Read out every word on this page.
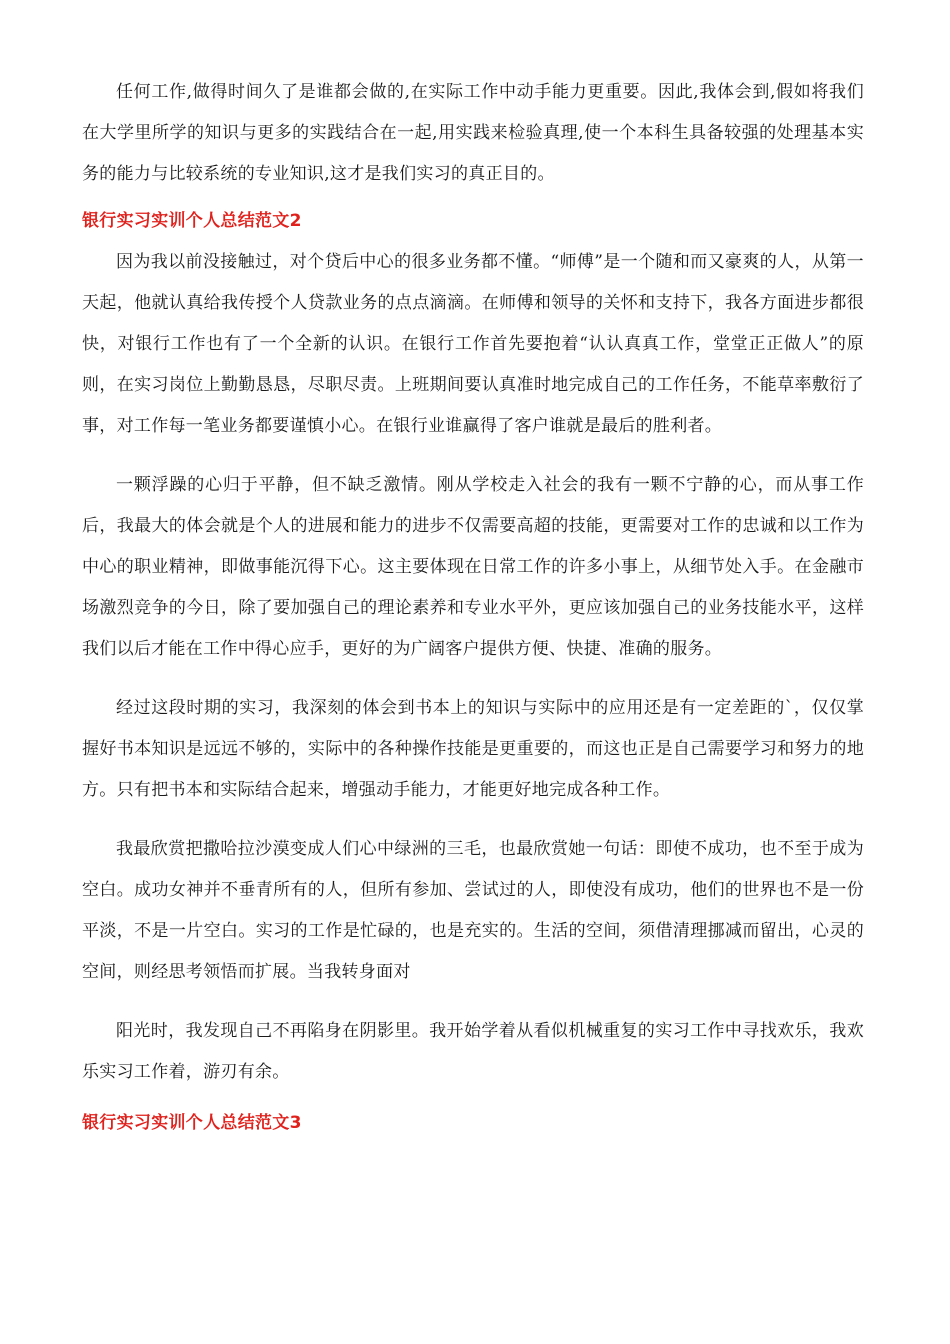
任何工作,做得时间久了是谁都会做的,在实际工作中动手能力更重要。因此,我体会到,假如将我们在大学里所学的知识与更多的实践结合在一起,用实践来检验真理,使一个本科生具备较强的处理基本实务的能力与比较系统的专业知识,这才是我们实习的真正目的。

银行实习实训个人总结范文2

因为我以前没接触过，对个贷后中心的很多业务都不懂。“师傅”是一个随和而又豪爽的人，从第一天起，他就认真给我传授个人贷款业务的点点滴滴。在师傅和领导的关怀和支持下，我各方面进步都很快，对银行工作也有了一个全新的认识。在银行工作首先要抱着“认认真真工作，堂堂正正做人”的原则，在实习岗位上勤勤恳恳，尽职尽责。上班期间要认真准时地完成自己的工作任务，不能草率敷衍了事，对工作每一笔业务都要谨慎小心。在银行业谁赢得了客户谁就是最后的胜利者。

一颗浮躁的心归于平静，但不缺乏激情。刚从学校走入社会的我有一颗不宁静的心，而从事工作后，我最大的体会就是个人的进展和能力的进步不仅需要高超的技能，更需要对工作的忠诚和以工作为中心的职业精神，即做事能沉得下心。这主要体现在日常工作的许多小事上，从细节处入手。在金融市场激烈竞争的今日，除了要加强自己的理论素养和专业水平外，更应该加强自己的业务技能水平，这样我们以后才能在工作中得心应手，更好的为广阔客户提供方便、快捷、准确的服务。

经过这段时期的实习，我深刻的体会到书本上的知识与实际中的应用还是有一定差距的`，仅仅掌握好书本知识是远远不够的，实际中的各种操作技能是更重要的，而这也正是自己需要学习和努力的地方。只有把书本和实际结合起来，增强动手能力，才能更好地完成各种工作。

我最欣赏把撒哈拉沙漠变成人们心中绿洲的三毛，也最欣赏她一句话：即使不成功，也不至于成为空白。成功女神并不垂青所有的人，但所有参加、尝试过的人，即使没有成功，他们的世界也不是一份平淡，不是一片空白。实习的工作是忙碌的，也是充实的。生活的空间，须借清理挪减而留出，心灵的空间，则经思考领悟而扩展。当我转身面对

阳光时，我发现自己不再陷身在阴影里。我开始学着从看似机械重复的实习工作中寻找欢乐，我欢乐实习工作着，游刃有余。

银行实习实训个人总结范文3
